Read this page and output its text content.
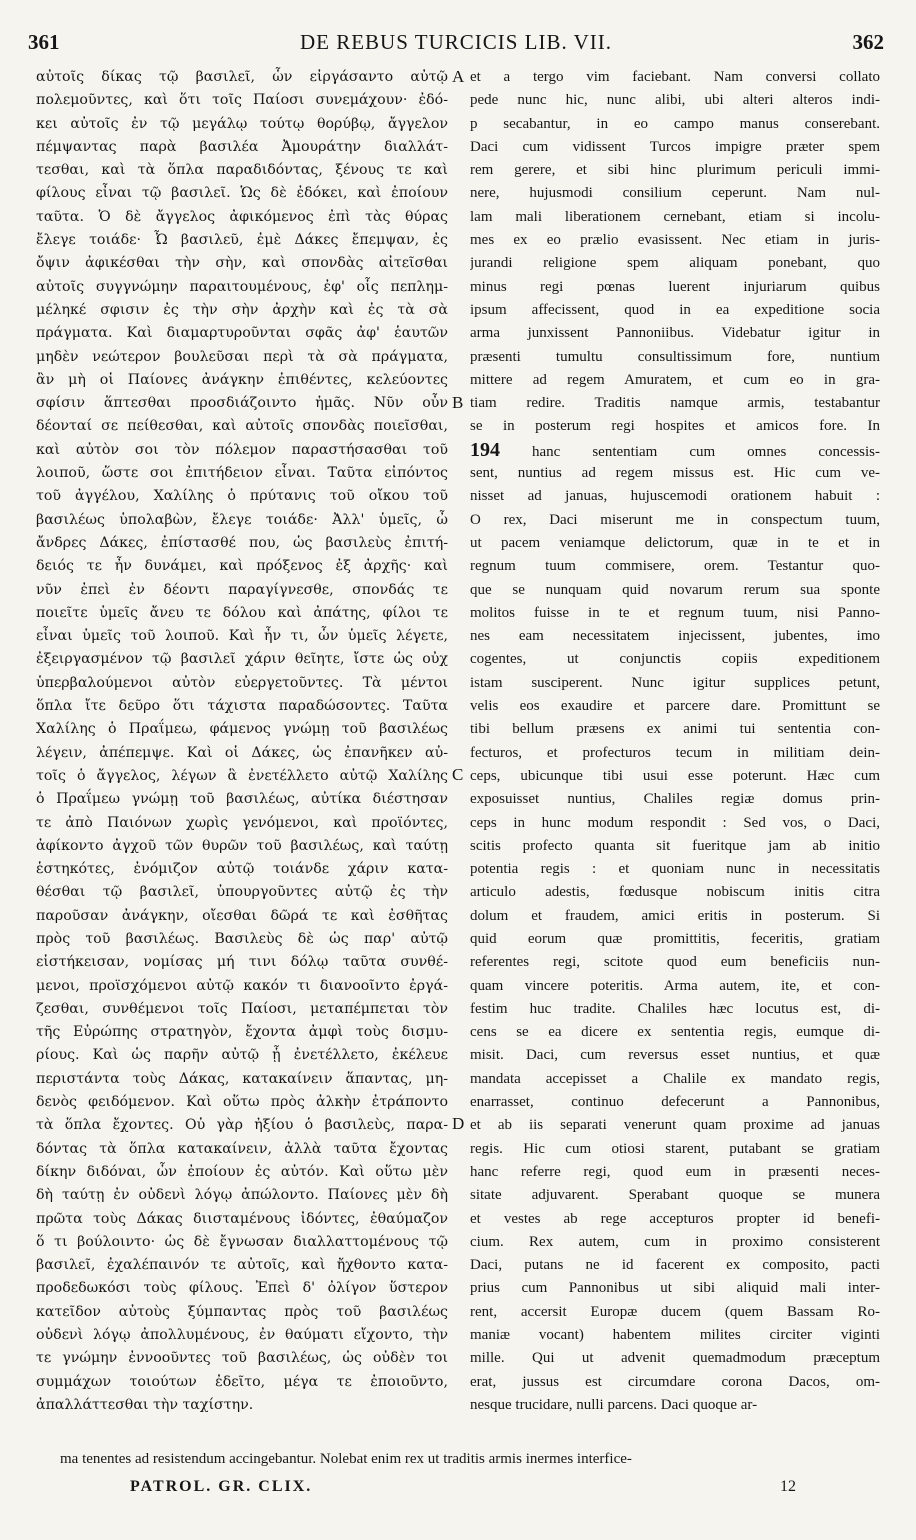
361	DE REBUS TURCICIS LIB. VII.	362
αὐτοῖς δίκας τῷ βασιλεῖ, ὧν εἰργάσαντο αὐτῷ
πολεμοῦντες, καὶ ὅτι τοῖς Παίοσι συνεμάχουν· ἐδό-
κει αὐτοῖς ἐν τῷ μεγάλῳ τούτῳ θορύβῳ, ἄγγελον
πέμψαντας παρὰ βασιλέα Ἀμουράτην διαλλάτ-
τεσθαι, καὶ τὰ ὅπλα παραδιδόντας, ξένους τε καὶ
φίλους εἶναι τῷ βασιλεῖ. Ὡς δὲ ἐδόκει, καὶ ἐποίουν
ταῦτα. Ὁ δὲ ἄγγελος ἀφικόμενος ἐπὶ τὰς θύρας
ἔλεγε τοιάδε· Ὦ βασιλεῦ, ἐμὲ Δάκες ἔπεμψαν, ἐς
ὄψιν ἀφικέσθαι τὴν σὴν, καὶ σπονδὰς αἰτεῖσθαι
αὐτοῖς συγγνώμην παραιτουμένους, ἐφ' οἷς πεπλημ-
μέληκέ σφισιν ἐς τὴν σὴν ἀρχὴν καὶ ἐς τὰ σὰ
πράγματα. Καὶ διαμαρτυροῦνται σφᾶς ἀφ' ἑαυτῶν
μηδὲν νεώτερον βουλεῦσαι περὶ τὰ σὰ πράγματα,
ἂν μὴ οἱ Παίονες ἀνάγκην ἐπιθέντες, κελεύοντες
σφίσιν ἅπτεσθαι προσδιάζοιντο ἡμᾶς. Νῦν οὖν
δέονταί σε πείθεσθαι, καὶ αὐτοῖς σπονδὰς ποιεῖσθαι,
καὶ αὐτὸν σοι τὸν πόλεμον παραστήσασθαι τοῦ
λοιποῦ, ὥστε σοι ἐπιτήδειον εἶναι. Ταῦτα εἰπόντος
τοῦ ἀγγέλου, Χαλίλης ὁ πρύτανις τοῦ οἴκου τοῦ
βασιλέως ὑπολαβὼν, ἔλεγε τοιάδε· Ἀλλ' ὑμεῖς, ὦ
ἄνδρες Δάκες, ἐπίστασθέ που, ὡς βασιλεὺς ἐπιτή-
δειός τε ἦν δυνάμει, καὶ πρόξενος ἐξ ἀρχῆς· καὶ
νῦν ἐπεὶ ἐν δέοντι παραγίγνεσθε, σπονδάς τε
ποιεῖτε ὑμεῖς ἄνευ τε δόλου καὶ ἀπάτης, φίλοι τε
εἶναι ὑμεῖς τοῦ λοιποῦ. Καὶ ἦν τι, ὧν ὑμεῖς λέγετε,
ἐξειργασμένον τῷ βασιλεῖ χάριν θεῖητε, ἴστε ὡς οὐχ
ὑπερβαλούμενοι αὐτὸν εὐεργετοῦντες. Τὰ μέντοι
ὅπλα ἴτε δεῦρο ὅτι τάχιστα παραδώσοντες. Ταῦτα
Χαλίλης ὁ Πραΐμεω, φάμενος γνώμῃ τοῦ βασιλέως
λέγειν, ἀπέπεμψε. Καὶ οἱ Δάκες, ὡς ἐπανῆκεν αὐ-
τοῖς ὁ ἄγγελος, λέγων ἃ ἐνετέλλετο αὐτῷ Χαλίλης
ὁ Πραΐμεω γνώμῃ τοῦ βασιλέως, αὐτίκα διέστησαν
τε ἀπὸ Παιόνων χωρὶς γενόμενοι, καὶ προϊόντες,
ἀφίκοντο ἀγχοῦ τῶν θυρῶν τοῦ βασιλέως, καὶ ταύτῃ
ἑστηκότες, ἐνόμιζον αὐτῷ τοιάνδε χάριν κατα-
θέσθαι τῷ βασιλεῖ, ὑπουργοῦντες αὐτῷ ἐς τὴν
παροῦσαν ἀνάγκην, οἴεσθαι δῶρά τε καὶ ἐσθῆτας
πρὸς τοῦ βασιλέως. Βασιλεὺς δὲ ὡς παρ' αὐτῷ
εἱστήκεισαν, νομίσας μή τινι δόλῳ ταῦτα συνθέ-
μενοι, προϊσχόμενοι αὐτῷ κακόν τι διανοοῖντο ἐργά-
ζεσθαι, συνθέμενοι τοῖς Παίοσι, μεταπέμπεται τὸν
τῆς Εὐρώπης στρατηγὸν, ἔχοντα ἀμφὶ τοὺς δισμυ-
ρίους. Καὶ ὡς παρῆν αὐτῷ ᾗ ἐνετέλλετο, ἐκέλευε
περιστάντα τοὺς Δάκας, κατακαίνειν ἅπαντας, μη-
δενὸς φειδόμενον. Καὶ οὕτω πρὸς ἀλκὴν ἐτράποντο
τὰ ὅπλα ἔχοντες. Οὐ γὰρ ἠξίου ὁ βασιλεὺς, παρα-
δόντας τὰ ὅπλα κατακαίνειν, ἀλλὰ ταῦτα ἔχοντας
δίκην διδόναι, ὧν ἐποίουν ἐς αὐτόν. Καὶ οὕτω μὲν
δὴ ταύτῃ ἐν οὐδενὶ λόγῳ ἀπώλοντο. Παίονες μὲν δὴ
πρῶτα τοὺς Δάκας διισταμένους ἰδόντες, ἐθαύμαζον
ὅ τι βούλοιντο· ὡς δὲ ἔγνωσαν διαλλαττομένους τῷ
βασιλεῖ, ἐχαλέπαινόν τε αὐτοῖς, καὶ ἤχθοντο κατα-
προδεδωκόσι τοὺς φίλους. Ἐπεὶ δ' ὀλίγον ὕστερον
κατεῖδον αὐτοὺς ξύμπαντας πρὸς τοῦ βασιλέως
οὐδενὶ λόγῳ ἀπολλυμένους, ἐν θαύματι εἴχοντο, τὴν
τε γνώμην ἐννοοῦντες τοῦ βασιλέως, ὡς οὐδὲν τοι
συμμάχων τοιούτων ἐδεῖτο, μέγα τε ἐποιοῦντο,
ἀπαλλάττεσθαι τὴν ταχίστην.
A
B
C
D
et a tergo vim faciebant. Nam conversi collato
pede nunc hic, nunc alibi, ubi alteri alteros indi-
p secabantur, in eo campo manus conserebant.
Daci cum vidissent Turcos impigre præter spem
rem gerere, et sibi hinc plurimum periculi immi-
nere, hujusmodi consilium ceperunt. Nam nul-
lam mali liberationem cernebant, etiam si incolu-
mes ex eo prælio evasissent. Nec etiam in juris-
jurandi religione spem aliquam ponebant, quo
minus regi pœnas luerent injuriarum quibus
ipsum affecissent, quod in ea expeditione socia
arma junxissent Pannoniibus. Videbatur igitur in
præsenti tumultu consultissimum fore, nuntium
mittere ad regem Amuratem, et cum eo in gra-
tiam redire. Traditis namque armis, testabantur
se in posterum regi hospites et amicos fore. In
194 hanc sententiam cum omnes concessis-
sent, nuntius ad regem missus est. Hic cum ve-
nisset ad januas, hujuscemodi orationem habuit :
O rex, Daci miserunt me in conspectum tuum,
ut pacem veniamque delictorum, quæ in te et in
regnum tuum commisere, orem. Testantur quo-
que se nunquam quid novarum rerum sua sponte
molitos fuisse in te et regnum tuum, nisi Panno-
nes eam necessitatem injecissent, jubentes, imo
cogentes, ut conjunctis copiis expeditionem
istam susciperent. Nunc igitur supplices petunt,
velis eos exaudire et parcere dare. Promittunt se
tibi bellum præsens ex animi tui sententia con-
fecturos, et profecturos tecum in militiam dein-
ceps, ubicunque tibi usui esse poterunt. Hæc cum
exposuisset nuntius, Chaliles regiæ domus prin-
ceps in hunc modum respondit : Sed vos, o Daci,
scitis profecto quanta sit fueritque jam ab initio
potentia regis : et quoniam nunc in necessitatis
articulo adestis, fœdusque nobiscum initis citra
dolum et fraudem, amici eritis in posterum. Si
quid eorum quæ promittitis, feceritis, gratiam
referentes regi, scitote quod eum beneficiis nun-
quam vincere poteritis. Arma autem, ite, et con-
festim huc tradite. Chaliles hæc locutus est, di-
cens se ea dicere ex sententia regis, eumque di-
misit. Daci, cum reversus esset nuntius, et quæ
mandata accepisset a Chalile ex mandato regis,
enarrasset, continuo defecerunt a Pannonibus,
et ab iis separati venerunt quam proxime ad januas
regis. Hic cum otiosi starent, putabant se gratiam
hanc referre regi, quod eum in præsenti neces-
sitate adjuvarent. Sperabant quoque se munera
et vestes ab rege accepturos propter id benefi-
cium. Rex autem, cum in proximo consisterent
Daci, putans ne id facerent ex composito, pacti
prius cum Pannonibus ut sibi aliquid mali inter-
rent, accersit Europæ ducem (quem Bassam Ro-
maniæ vocant) habentem milites circiter viginti
mille. Qui ut advenit quemadmodum præceptum
erat, jussus est circumdare corona Dacos, om-
nesque trucidare, nulli parcens. Daci quoque ar-
ma tenentes ad resistendum accingebantur. Nolebat enim rex ut traditis armis inermes interfice-
PATROL. GR. CLIX.	12
